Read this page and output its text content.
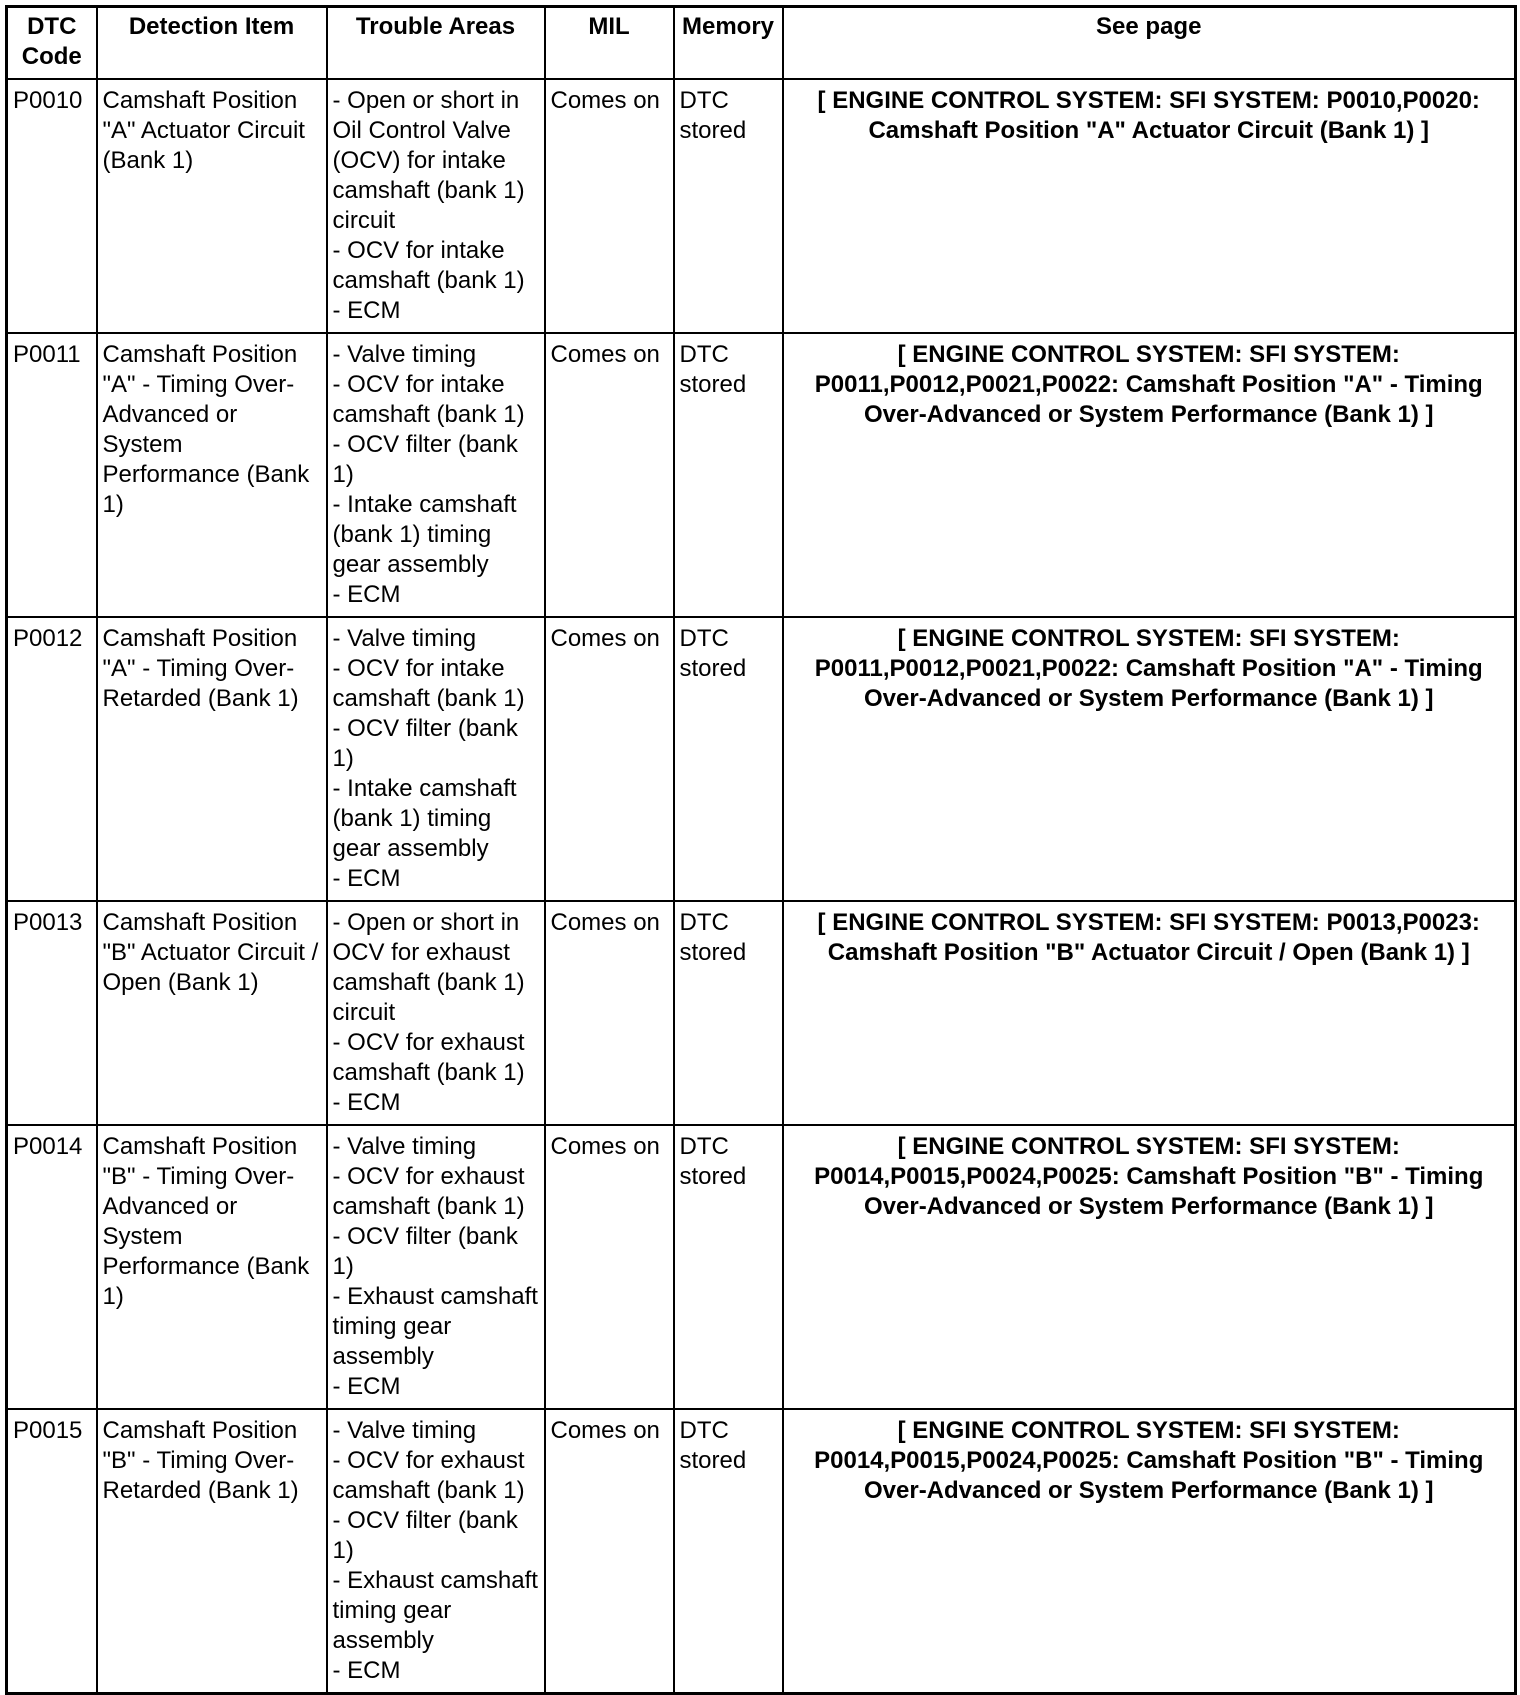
DTC
Code	Detection Item	Trouble Areas	MIL	Memory	See page
P0010	Camshaft Position "A" Actuator Circuit (Bank 1)	- Open or short in Oil Control Valve (OCV) for intake camshaft (bank 1) circuit
- OCV for intake camshaft (bank 1)
- ECM	Comes on	DTC stored	[ ENGINE CONTROL SYSTEM: SFI SYSTEM: P0010,P0020: Camshaft Position "A" Actuator Circuit (Bank 1) ]
P0011	Camshaft Position "A" - Timing Over-Advanced or System Performance (Bank 1)	- Valve timing
- OCV for intake camshaft (bank 1)
- OCV filter (bank 1)
- Intake camshaft (bank 1) timing gear assembly
- ECM	Comes on	DTC stored	[ ENGINE CONTROL SYSTEM: SFI SYSTEM: P0011,P0012,P0021,P0022: Camshaft Position "A" - Timing Over-Advanced or System Performance (Bank 1) ]
P0012	Camshaft Position "A" - Timing Over-Retarded (Bank 1)	- Valve timing
- OCV for intake camshaft (bank 1)
- OCV filter (bank 1)
- Intake camshaft (bank 1) timing gear assembly
- ECM	Comes on	DTC stored	[ ENGINE CONTROL SYSTEM: SFI SYSTEM: P0011,P0012,P0021,P0022: Camshaft Position "A" - Timing Over-Advanced or System Performance (Bank 1) ]
P0013	Camshaft Position "B" Actuator Circuit / Open (Bank 1)	- Open or short in OCV for exhaust camshaft (bank 1) circuit
- OCV for exhaust camshaft (bank 1)
- ECM	Comes on	DTC stored	[ ENGINE CONTROL SYSTEM: SFI SYSTEM: P0013,P0023: Camshaft Position "B" Actuator Circuit / Open (Bank 1) ]
P0014	Camshaft Position "B" - Timing Over-Advanced or System Performance (Bank 1)	- Valve timing
- OCV for exhaust camshaft (bank 1)
- OCV filter (bank 1)
- Exhaust camshaft timing gear assembly
- ECM	Comes on	DTC stored	[ ENGINE CONTROL SYSTEM: SFI SYSTEM: P0014,P0015,P0024,P0025: Camshaft Position "B" - Timing Over-Advanced or System Performance (Bank 1) ]
P0015	Camshaft Position "B" - Timing Over-Retarded (Bank 1)	- Valve timing
- OCV for exhaust camshaft (bank 1)
- OCV filter (bank 1)
- Exhaust camshaft timing gear assembly
- ECM	Comes on	DTC stored	[ ENGINE CONTROL SYSTEM: SFI SYSTEM: P0014,P0015,P0024,P0025: Camshaft Position "B" - Timing Over-Advanced or System Performance (Bank 1) ]
